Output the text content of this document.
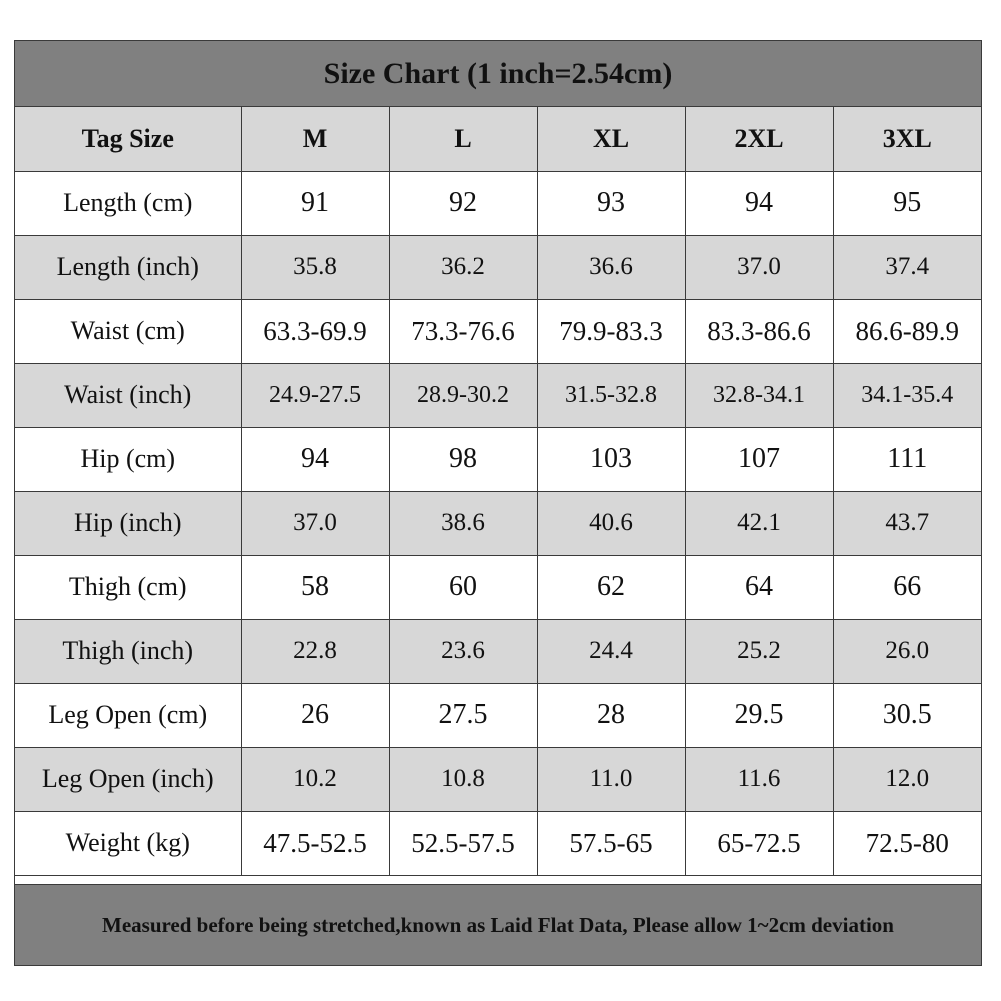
Size Chart (1 inch=2.54cm)
Tag Size	M	L	XL	2XL	3XL
Length (cm)	91	92	93	94	95
Length (inch)	35.8	36.2	36.6	37.0	37.4
Waist (cm)	63.3-69.9	73.3-76.6	79.9-83.3	83.3-86.6	86.6-89.9
Waist (inch)	24.9-27.5	28.9-30.2	31.5-32.8	32.8-34.1	34.1-35.4
Hip (cm)	94	98	103	107	111
Hip (inch)	37.0	38.6	40.6	42.1	43.7
Thigh (cm)	58	60	62	64	66
Thigh (inch)	22.8	23.6	24.4	25.2	26.0
Leg Open (cm)	26	27.5	28	29.5	30.5
Leg Open (inch)	10.2	10.8	11.0	11.6	12.0
Weight (kg)	47.5-52.5	52.5-57.5	57.5-65	65-72.5	72.5-80
Measured before being stretched,known as Laid Flat Data, Please allow 1~2cm deviation
